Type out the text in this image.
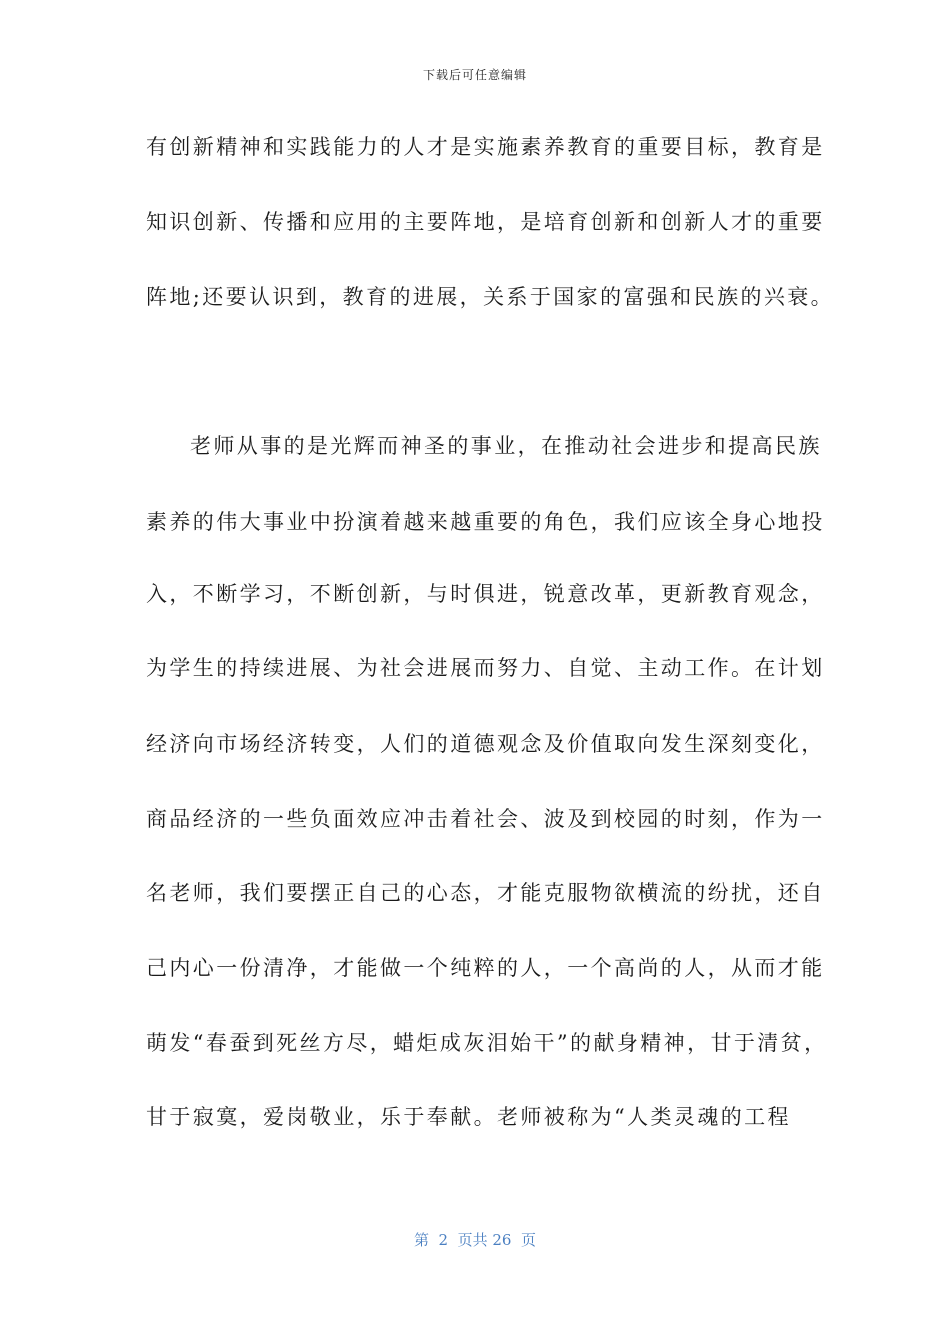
下载后可任意编辑
有创新精神和实践能力的人才是实施素养教育的重要目标，教育是
知识创新、传播和应用的主要阵地，是培育创新和创新人才的重要
阵地;还要认识到，教育的进展，关系于国家的富强和民族的兴衰。
老师从事的是光辉而神圣的事业，在推动社会进步和提高民族
素养的伟大事业中扮演着越来越重要的角色，我们应该全身心地投
入，不断学习，不断创新，与时俱进，锐意改革，更新教育观念，
为学生的持续进展、为社会进展而努力、自觉、主动工作。在计划
经济向市场经济转变，人们的道德观念及价值取向发生深刻变化，
商品经济的一些负面效应冲击着社会、波及到校园的时刻，作为一
名老师，我们要摆正自己的心态，才能克服物欲横流的纷扰，还自
己内心一份清净，才能做一个纯粹的人，一个高尚的人，从而才能
萌发“春蚕到死丝方尽，蜡炬成灰泪始干”的献身精神，甘于清贫，
甘于寂寞，爱岗敬业，乐于奉献。老师被称为“人类灵魂的工程
第  2  页共 26  页
